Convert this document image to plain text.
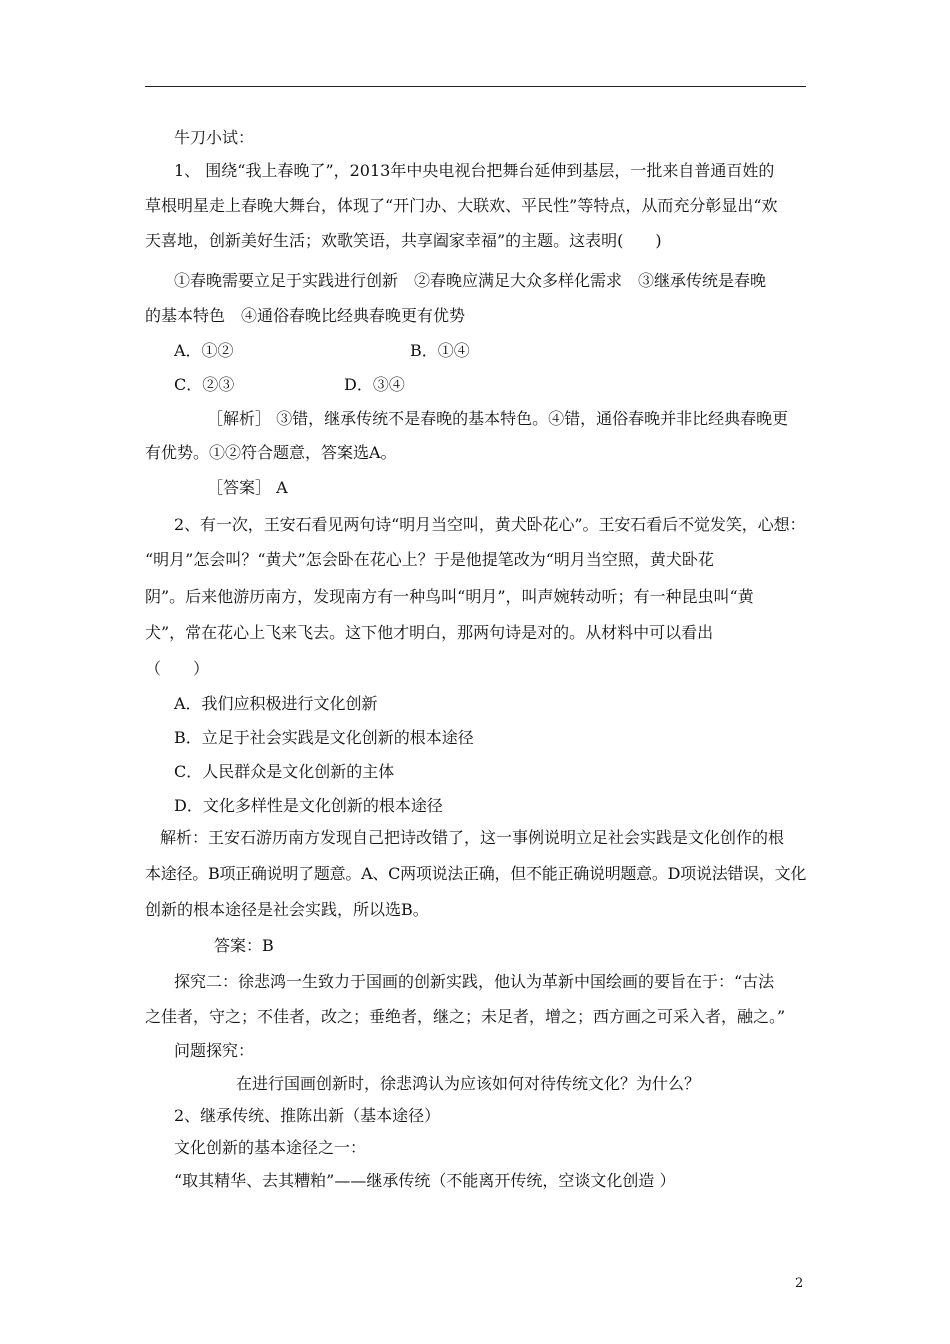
牛刀小试：
1、 围绕“我上春晚了”，2013年中央电视台把舞台延伸到基层，一批来自普通百姓的
草根明星走上春晚大舞台，体现了“开门办、大联欢、平民性”等特点，从而充分彰显出“欢
天喜地，创新美好生活；欢歌笑语，共享阖家幸福”的主题。这表明(　　)
①春晚需要立足于实践进行创新　②春晚应满足大众多样化需求　③继承传统是春晚
的基本特色　④通俗春晚比经典春晚更有优势
A．①②	B．①④
C．②③	D．③④
［解析］ ③错，继承传统不是春晚的基本特色。④错，通俗春晚并非比经典春晚更
有优势。①②符合题意，答案选A。
［答案］ A
2、有一次，王安石看见两句诗“明月当空叫，黄犬卧花心”。王安石看后不觉发笑，心想：
“明月”怎会叫？“黄犬”怎会卧在花心上？于是他提笔改为“明月当空照，黄犬卧花
阴”。后来他游历南方，发现南方有一种鸟叫“明月”，叫声婉转动听；有一种昆虫叫“黄
犬”，常在花心上飞来飞去。这下他才明白，那两句诗是对的。从材料中可以看出
（　　）
A．我们应积极进行文化创新
B．立足于社会实践是文化创新的根本途径
C．人民群众是文化创新的主体
D．文化多样性是文化创新的根本途径
解析：王安石游历南方发现自己把诗改错了，这一事例说明立足社会实践是文化创作的根
本途径。B项正确说明了题意。A、C两项说法正确，但不能正确说明题意。D项说法错误，文化
创新的根本途径是社会实践，所以选B。
答案：B
探究二：徐悲鸿一生致力于国画的创新实践，他认为革新中国绘画的要旨在于：“古法
之佳者，守之；不佳者，改之；垂绝者，继之；未足者，增之；西方画之可采入者，融之。”
问题探究：
在进行国画创新时，徐悲鸿认为应该如何对待传统文化？为什么？
2、继承传统、推陈出新（基本途径）
文化创新的基本途径之一：
“取其精华、去其糟粕”——继承传统（不能离开传统，空谈文化创造 ）
2
